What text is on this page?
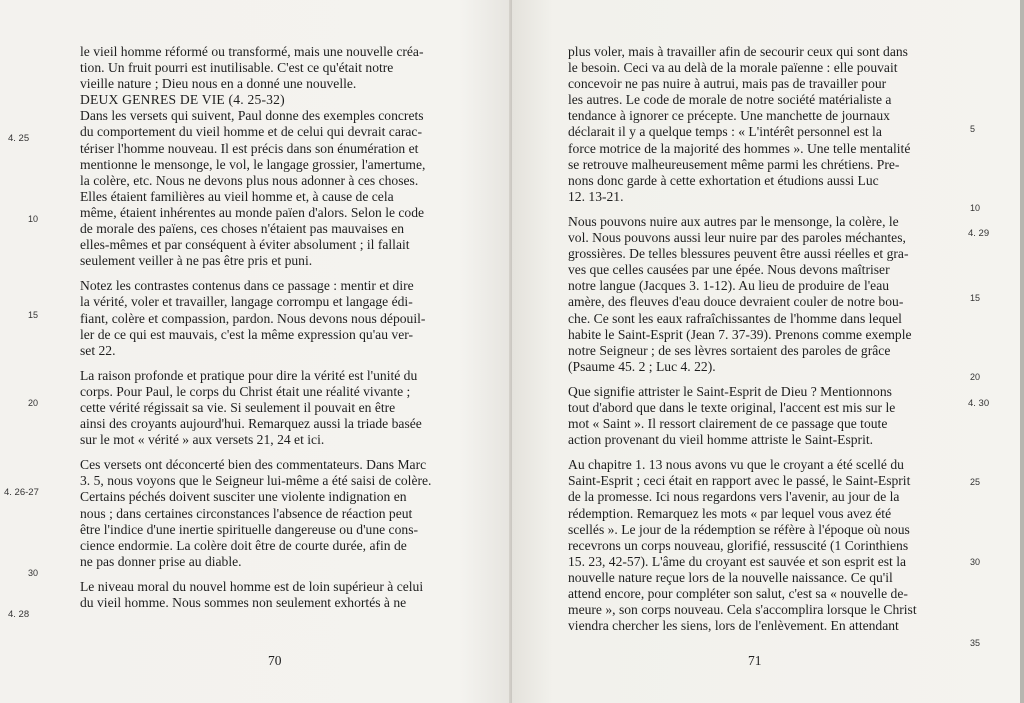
le vieil homme réformé ou transformé, mais une nouvelle créa-
tion. Un fruit pourri est inutilisable. C'est ce qu'était notre
vieille nature ; Dieu nous en a donné une nouvelle.

DEUX GENRES DE VIE (4. 25-32)

Dans les versets qui suivent, Paul donne des exemples concrets
du comportement du vieil homme et de celui qui devrait carac-
tériser l'homme nouveau. Il est précis dans son énumération et
mentionne le mensonge, le vol, le langage grossier, l'amertume,
la colère, etc. Nous ne devons plus nous adonner à ces choses.
Elles étaient familières au vieil homme et, à cause de cela
même, étaient inhérentes au monde païen d'alors. Selon le code
de morale des païens, ces choses n'étaient pas mauvaises en
elles-mêmes et par conséquent à éviter absolument ; il fallait
seulement veiller à ne pas être pris et puni.

Notez les contrastes contenus dans ce passage : mentir et dire
la vérité, voler et travailler, langage corrompu et langage édi-
fiant, colère et compassion, pardon. Nous devons nous dépouil-
ler de ce qui est mauvais, c'est la même expression qu'au ver-
set 22.

La raison profonde et pratique pour dire la vérité est l'unité du
corps. Pour Paul, le corps du Christ était une réalité vivante ;
cette vérité régissait sa vie. Si seulement il pouvait en être
ainsi des croyants aujourd'hui. Remarquez aussi la triade basée
sur le mot « vérité » aux versets 21, 24 et ici.

Ces versets ont déconcerté bien des commentateurs. Dans Marc
3. 5, nous voyons que le Seigneur lui-même a été saisi de colère.
Certains péchés doivent susciter une violente indignation en
nous ; dans certaines circonstances l'absence de réaction peut
être l'indice d'une inertie spirituelle dangereuse ou d'une cons-
cience endormie. La colère doit être de courte durée, afin de
ne pas donner prise au diable.

Le niveau moral du nouvel homme est de loin supérieur à celui
du vieil homme. Nous sommes non seulement exhortés à ne

4. 25
10
15
20
4. 26-27
30
4. 28
70

plus voler, mais à travailler afin de secourir ceux qui sont dans
le besoin. Ceci va au delà de la morale païenne : elle pouvait
concevoir ne pas nuire à autrui, mais pas de travailler pour
les autres. Le code de morale de notre société matérialiste a
tendance à ignorer ce précepte. Une manchette de journaux
déclarait il y a quelque temps : « L'intérêt personnel est la
force motrice de la majorité des hommes ». Une telle mentalité
se retrouve malheureusement même parmi les chrétiens. Pre-
nons donc garde à cette exhortation et étudions aussi Luc
12. 13-21.

Nous pouvons nuire aux autres par le mensonge, la colère, le
vol. Nous pouvons aussi leur nuire par des paroles méchantes,
grossières. De telles blessures peuvent être aussi réelles et gra-
ves que celles causées par une épée. Nous devons maîtriser
notre langue (Jacques 3. 1-12). Au lieu de produire de l'eau
amère, des fleuves d'eau douce devraient couler de notre bou-
che. Ce sont les eaux rafraîchissantes de l'homme dans lequel
habite le Saint-Esprit (Jean 7. 37-39). Prenons comme exemple
notre Seigneur ; de ses lèvres sortaient des paroles de grâce
(Psaume 45. 2 ; Luc 4. 22).

Que signifie attrister le Saint-Esprit de Dieu ? Mentionnons
tout d'abord que dans le texte original, l'accent est mis sur le
mot « Saint ». Il ressort clairement de ce passage que toute
action provenant du vieil homme attriste le Saint-Esprit.

Au chapitre 1. 13 nous avons vu que le croyant a été scellé du
Saint-Esprit ; ceci était en rapport avec le passé, le Saint-Esprit
de la promesse. Ici nous regardons vers l'avenir, au jour de la
rédemption. Remarquez les mots « par lequel vous avez été
scellés ». Le jour de la rédemption se réfère à l'époque où nous
recevrons un corps nouveau, glorifié, ressuscité (1 Corinthiens
15. 23, 42-57). L'âme du croyant est sauvée et son esprit est la
nouvelle nature reçue lors de la nouvelle naissance. Ce qu'il
attend encore, pour compléter son salut, c'est sa « nouvelle de-
meure », son corps nouveau. Cela s'accomplira lorsque le Christ
viendra chercher les siens, lors de l'enlèvement. En attendant

5
10
4. 29
15
20
4. 30
25
30
35
71
